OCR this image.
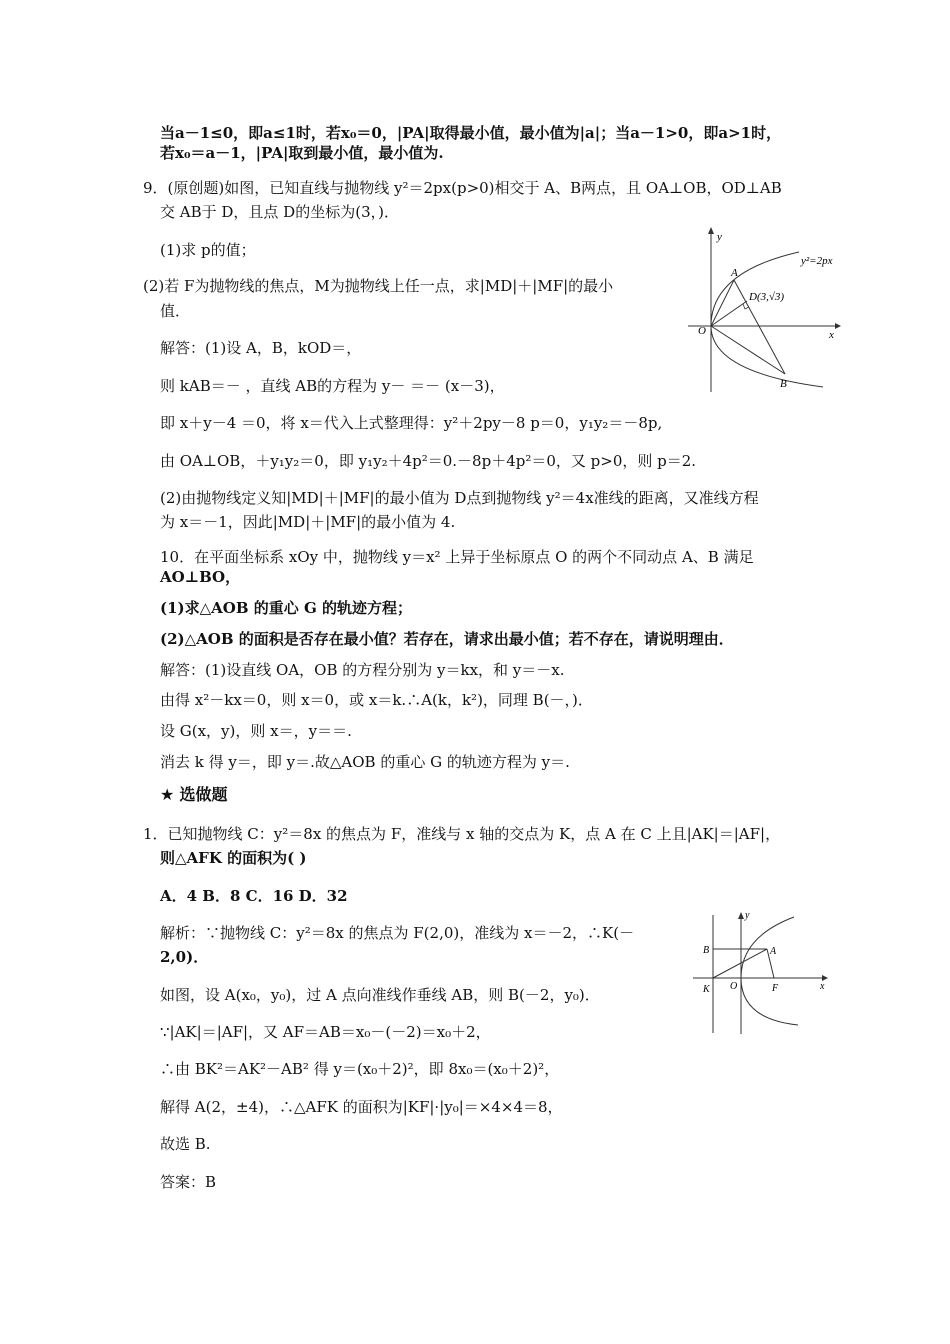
当a－1≤0，即a≤1时，若x₀＝0，|PA|取得最小值，最小值为|a|；当a－1>0，即a>1时，
若x₀＝a－1，|PA|取到最小值，最小值为.
9．(原创题)如图，已知直线与抛物线 y²＝2px(p>0)相交于 A、B两点，且 OA⊥OB，OD⊥AB
交 AB于 D，且点 D的坐标为(3，)．
(1)求 p的值；
(2)若 F为抛物线的焦点，M为抛物线上任一点，求|MD|＋|MF|的最小
值．
解答：(1)设 A，B，kOD＝，
则 kAB＝－ ，直线 AB的方程为 y－ ＝－ (x－3)，
即 x＋y－4 ＝0，将 x＝代入上式整理得：y²＋2py－8 p＝0，y₁y₂＝－8p,
由 OA⊥OB，＋y₁y₂＝0，即 y₁y₂＋4p²＝0.－8p＋4p²＝0，又 p>0，则 p＝2.
(2)由抛物线定义知|MD|＋|MF|的最小值为 D点到抛物线 y²＝4x准线的距离，又准线方程
为 x＝－1，因此|MD|＋|MF|的最小值为 4.
10．在平面坐标系 xOy 中，抛物线 y＝x² 上异于坐标原点 O 的两个不同动点 A、B 满足
AO⊥BO，
(1)求△AOB 的重心 G 的轨迹方程；
(2)△AOB 的面积是否存在最小值？若存在，请求出最小值；若不存在，请说明理由．
解答：(1)设直线 OA，OB 的方程分别为 y＝kx，和 y＝－x.
由得 x²－kx＝0，则 x＝0，或 x＝k.∴A(k，k²)，同理 B(－，)．
设 G(x，y)，则 x＝，y＝＝.
消去 k 得 y＝，即 y＝.故△AOB 的重心 G 的轨迹方程为 y＝.
★ 选做题
1．已知抛物线 C：y²＝8x 的焦点为 F，准线与 x 轴的交点为 K，点 A 在 C 上且|AK|＝|AF|，
则△AFK 的面积为( )
A．4 B．8 C．16 D．32
解析：∵抛物线 C：y²＝8x 的焦点为 F(2,0)，准线为 x＝－2，∴K(－
2,0)．
如图，设 A(x₀，y₀)，过 A 点向准线作垂线 AB，则 B(－2，y₀)．
∵|AK|＝|AF|，又 AF＝AB＝x₀－(－2)＝x₀＋2，
∴由 BK²＝AK²－AB² 得 y＝(x₀＋2)²，即 8x₀＝(x₀＋2)²，
解得 A(2，±4)，∴△AFK 的面积为|KF|·|y₀|＝×4×4＝8，
故选 B.
答案：B
y
x
O
A
B
D(3,√3)
y²=2px
y
x
O
A
B
K	F
